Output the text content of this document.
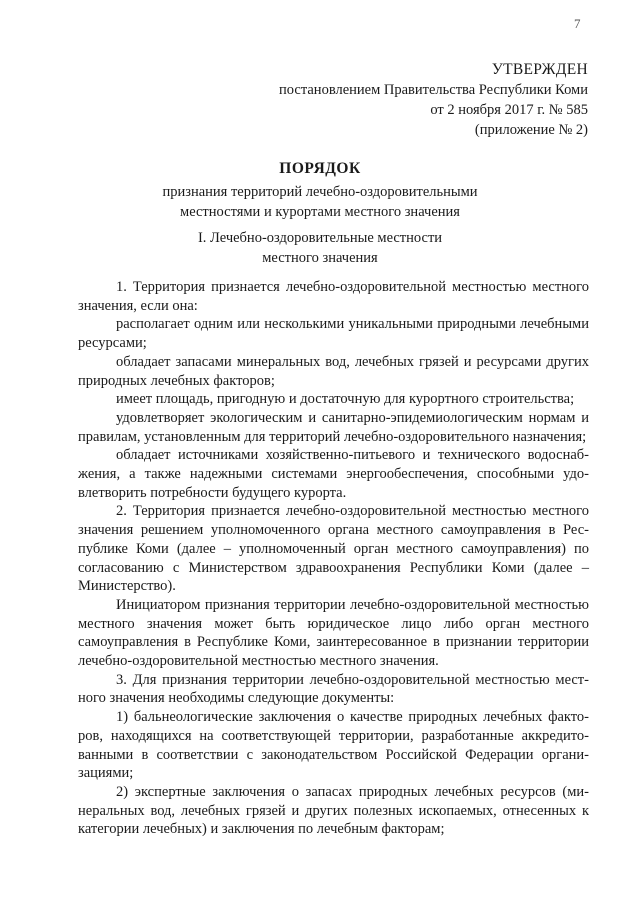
7
УТВЕРЖДЕН
постановлением Правительства Республики Коми
от 2 ноября 2017 г. № 585
(приложение № 2)
ПОРЯДОК
признания территорий лечебно-оздоровительными
местностями и курортами местного значения
I. Лечебно-оздоровительные местности
местного значения

1. Территория признается лечебно-оздоровительной местностью местного значения, если она:

располагает одним или несколькими уникальными природными лечебными ресурсами;

обладает запасами минеральных вод, лечебных грязей и ресурсами других природных лечебных факторов;

имеет площадь, пригодную и достаточную для курортного строительства;

удовлетворяет экологическим и санитарно-эпидемиологическим нормам и правилам, установленным для территорий лечебно-оздоровительного назначения;

обладает источниками хозяйственно-питьевого и технического водоснабжения, а также надежными системами энергообеспечения, способными удовлетворить потребности будущего курорта.

2. Территория признается лечебно-оздоровительной местностью местного значения решением уполномоченного органа местного самоуправления в Республике Коми (далее – уполномоченный орган местного самоуправления) по согласованию с Министерством здравоохранения Республики Коми (далее – Министерство).

Инициатором признания территории лечебно-оздоровительной местностью местного значения может быть юридическое лицо либо орган местного самоуправления в Республике Коми, заинтересованное в признании территории лечебно-оздоровительной местностью местного значения.

3. Для признания территории лечебно-оздоровительной местностью местного значения необходимы следующие документы:

1) бальнеологические заключения о качестве природных лечебных факторов, находящихся на соответствующей территории, разработанные аккредитованными в соответствии с законодательством Российской Федерации организациями;

2) экспертные заключения о запасах природных лечебных ресурсов (минеральных вод, лечебных грязей и других полезных ископаемых, отнесенных к категории лечебных) и заключения по лечебным факторам;
